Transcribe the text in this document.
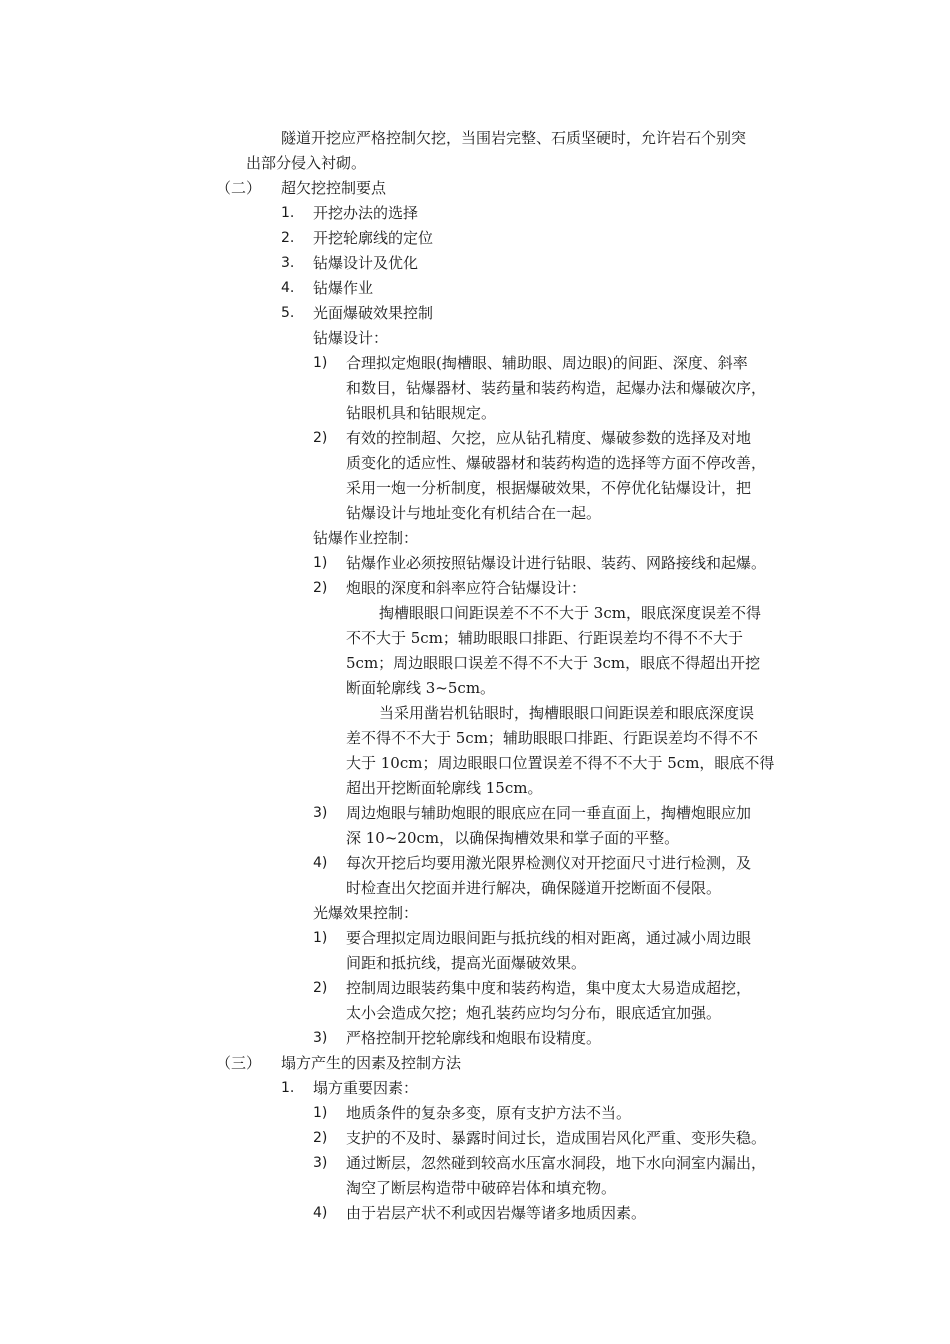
隧道开挖应严格控制欠挖，当围岩完整、石质坚硬时，允许岩石个别突
出部分侵入衬砌。
（二） 超欠挖控制要点
1. 开挖办法的选择
2. 开挖轮廓线的定位
3. 钻爆设计及优化
4. 钻爆作业
5. 光面爆破效果控制
钻爆设计：
1) 合理拟定炮眼(掏槽眼、辅助眼、周边眼)的间距、深度、斜率
和数目，钻爆器材、装药量和装药构造，起爆办法和爆破次序，
钻眼机具和钻眼规定。
2) 有效的控制超、欠挖，应从钻孔精度、爆破参数的选择及对地
质变化的适应性、爆破器材和装药构造的选择等方面不停改善，
采用一炮一分析制度，根据爆破效果，不停优化钻爆设计，把
钻爆设计与地址变化有机结合在一起。
钻爆作业控制：
1) 钻爆作业必须按照钻爆设计进行钻眼、装药、网路接线和起爆。
2) 炮眼的深度和斜率应符合钻爆设计：
掏槽眼眼口间距误差不不不大于 3cm，眼底深度误差不得
不不大于 5cm；辅助眼眼口排距、行距误差均不得不不大于
5cm；周边眼眼口误差不得不不大于 3cm，眼底不得超出开挖
断面轮廓线 3~5cm。
当采用凿岩机钻眼时，掏槽眼眼口间距误差和眼底深度误
差不得不不大于 5cm；辅助眼眼口排距、行距误差均不得不不
大于 10cm；周边眼眼口位置误差不得不不大于 5cm，眼底不得
超出开挖断面轮廓线 15cm。
3) 周边炮眼与辅助炮眼的眼底应在同一垂直面上，掏槽炮眼应加
深 10~20cm，以确保掏槽效果和掌子面的平整。
4) 每次开挖后均要用激光限界检测仪对开挖面尺寸进行检测，及
时检查出欠挖面并进行解决，确保隧道开挖断面不侵限。
光爆效果控制：
1) 要合理拟定周边眼间距与抵抗线的相对距离，通过减小周边眼
间距和抵抗线，提高光面爆破效果。
2) 控制周边眼装药集中度和装药构造，集中度太大易造成超挖，
太小会造成欠挖；炮孔装药应均匀分布，眼底适宜加强。
3) 严格控制开挖轮廓线和炮眼布设精度。
（三） 塌方产生的因素及控制方法
1. 塌方重要因素：
1) 地质条件的复杂多变，原有支护方法不当。
2) 支护的不及时、暴露时间过长，造成围岩风化严重、变形失稳。
3) 通过断层，忽然碰到较高水压富水洞段，地下水向洞室内漏出，
淘空了断层构造带中破碎岩体和填充物。
4) 由于岩层产状不利或因岩爆等诸多地质因素。
